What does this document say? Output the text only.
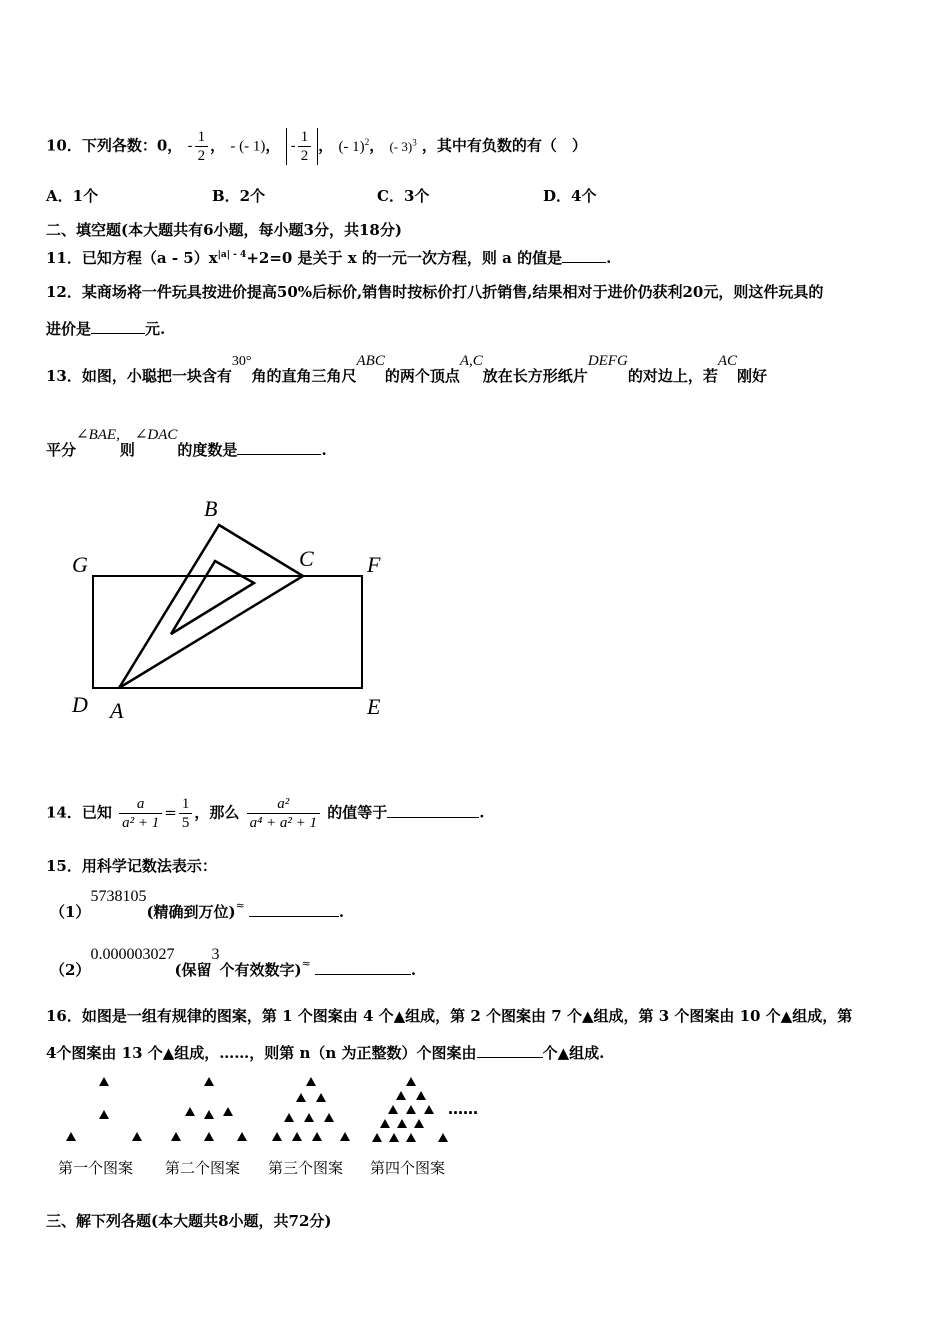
10．下列各数：0， - $\frac{1}{2}$ ， - (- 1)， - $\frac{1}{2}$ ， (- 1)$^2$， (- 3)$^3$ ，其中有负数的有（　）
A．1个	B．2个	C．3个	D．4个
二、填空题(本大题共有6小题，每小题3分，共18分)
11．已知方程$(a - 5)x^{|a| - 4}+2=0$ 是关于 x 的一元一次方程，则 a 的值是	.
12．某商场将一件玩具按进价提高50%后标价,销售时按标价打八折销售,结果相对于进价仍获利20元，则这件玩具的
进价是	元.
13．如图，小聪把一块含有30°角的直角三角尺ABC的两个顶点A,C放在长方形纸片DEFG的对边上，若AC刚好
平分∠BAE,则∠DAC的度数是	.
B
C
G	F
D A	E
14．已知 $\frac{a}{\text{a² + 1}} = \frac{1}{5}$ ，那么 $\frac{\text{a²}}{\text{a⁴ + a² + 1}}$ 的值等于	.
15．用科学记数法表示：
（1）5738105(精确到万位)≈	.
（2）0.000003027(保留3个有效数字)≈	.
16．如图是一组有规律的图案，第 1 个图案由 4 个▲组成，第 2 个图案由 7 个▲组成，第 3 个图案由 10 个▲组成，第
4个图案由 13 个▲组成，……，则第 n（n 为正整数）个图案由	个▲组成.
……
第一个图案 第二个图案 第三个图案 第四个图案
三、解下列各题(本大题共8小题，共72分)
